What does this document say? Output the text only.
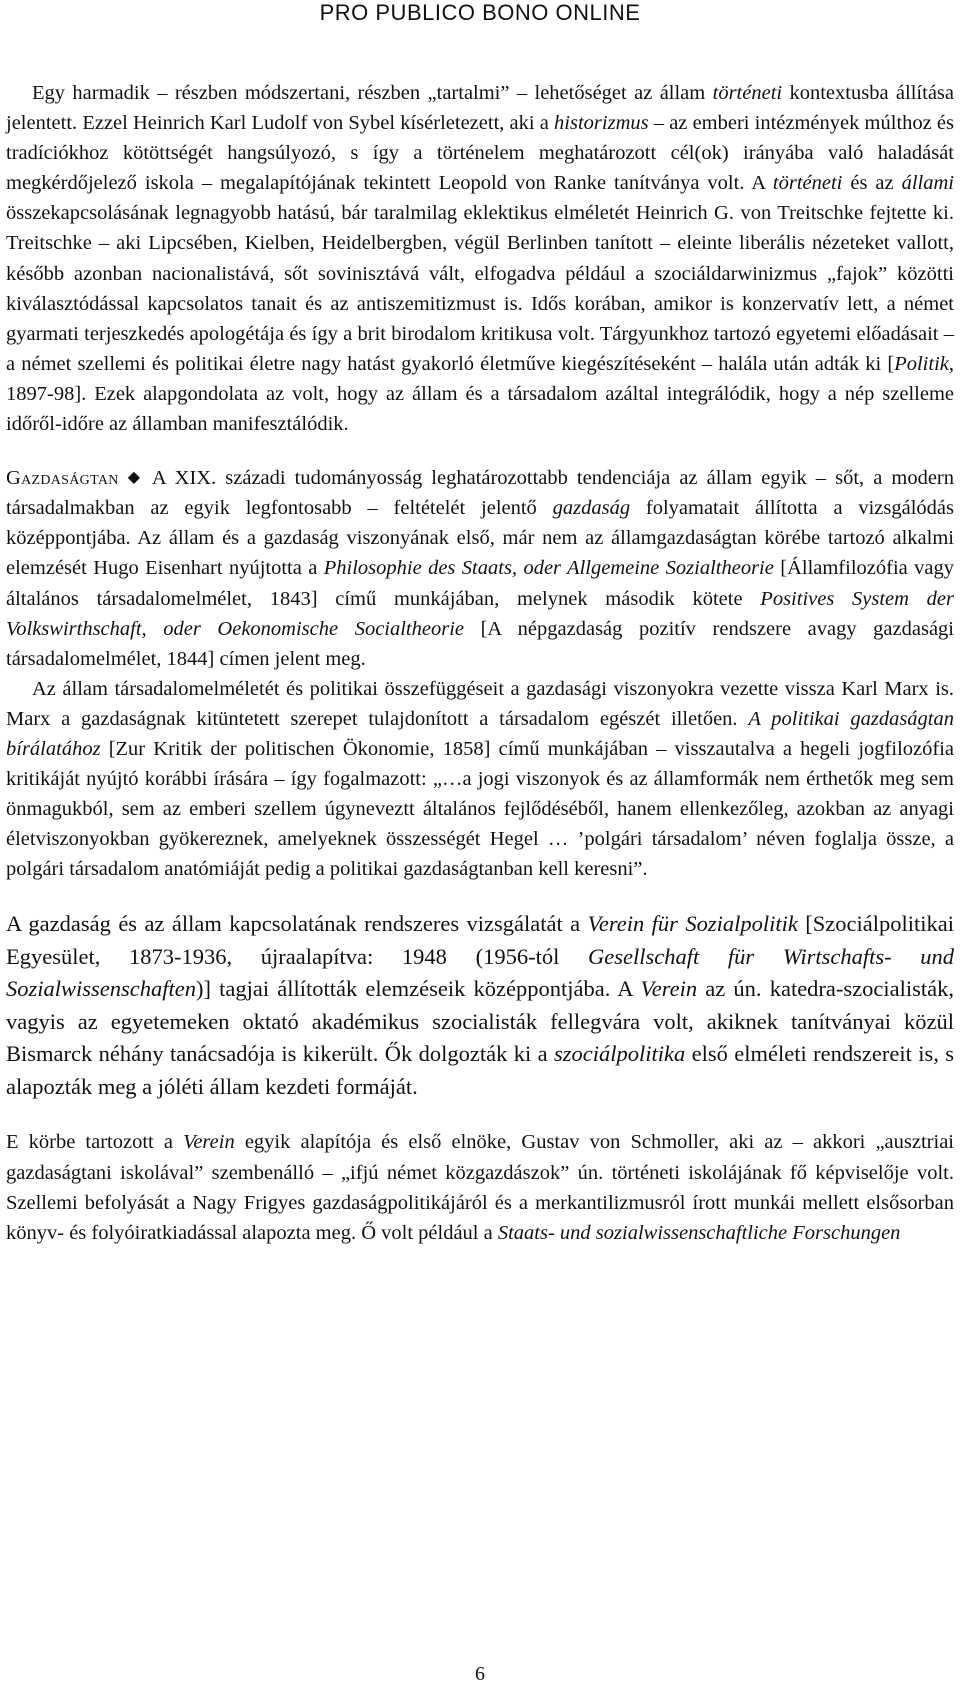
PRO PUBLICO BONO ONLINE

Egy harmadik – részben módszertani, részben „tartalmi” – lehetőséget az állam történeti kontextusba állítása jelentett. Ezzel Heinrich Karl Ludolf von Sybel kísérletezett, aki a historizmus – az emberi intézmények múlthoz és tradíciókhoz kötöttségét hangsúlyozó, s így a történelem meghatározott cél(ok) irányába való haladását megkérdőjelező iskola – megalapítójának tekintett Leopold von Ranke tanítványa volt. A történeti és az állami összekapcsolásának legnagyobb hatású, bár taralmilag eklektikus elméletét Heinrich G. von Treitschke fejtette ki. Treitschke – aki Lipcsében, Kielben, Heidelbergben, végül Berlinben tanított – eleinte liberális nézeteket vallott, később azonban nacionalistává, sőt sovinisztává vált, elfogadva például a szociáldarwinizmus „fajok” közötti kiválasztódással kapcsolatos tanait és az antiszemitizmust is. Idős korában, amikor is konzervatív lett, a német gyarmati terjeszkedés apologétája és így a brit birodalom kritikusa volt. Tárgyunkhoz tartozó egyetemi előadásait – a német szellemi és politikai életre nagy hatást gyakorló életműve kiegészítéseként – halála után adták ki [Politik, 1897-98]. Ezek alapgondolata az volt, hogy az állam és a társadalom azáltal integrálódik, hogy a nép szelleme időről-időre az államban manifesztálódik.

Gazdaságtan ◆ A XIX. századi tudományosság leghatározottabb tendenciája az állam egyik – sőt, a modern társadalmakban az egyik legfontosabb – feltételét jelentő gazdaság folyamatait állította a vizsgálódás középpontjába. Az állam és a gazdaság viszonyának első, már nem az államgazdaságtan körébe tartozó alkalmi elemzését Hugo Eisenhart nyújtotta a Philosophie des Staats, oder Allgemeine Sozialtheorie [Államfilozófia vagy általános társadalomelmélet, 1843] című munkájában, melynek második kötete Positives System der Volkswirthschaft, oder Oekonomische Socialtheorie [A népgazdaság pozitív rendszere avagy gazdasági társadalomelmélet, 1844] címen jelent meg.

Az állam társadalomelméletét és politikai összefüggéseit a gazdasági viszonyokra vezette vissza Karl Marx is. Marx a gazdaságnak kitüntetett szerepet tulajdonított a társadalom egészét illetően. A politikai gazdaságtan bírálatához [Zur Kritik der politischen Ökonomie, 1858] című munkájában – visszautalva a hegeli jogfilozófia kritikáját nyújtó korábbi írására – így fogalmazott: „…a jogi viszonyok és az államformák nem érthetők meg sem önmagukból, sem az emberi szellem úgyneveztt általános fejlődéséből, hanem ellenkezőleg, azokban az anyagi életviszonyokban gyökereznek, amelyeknek összességét Hegel … ’polgári társadalom’ néven foglalja össze, a polgári társadalom anatómiáját pedig a politikai gazdaságtanban kell keresni”.

A gazdaság és az állam kapcsolatának rendszeres vizsgálatát a Verein für Sozialpolitik [Szociálpolitikai Egyesület, 1873-1936, újraalapítva: 1948 (1956-tól Gesellschaft für Wirtschafts- und Sozialwissenschaften)] tagjai állították elemzéseik középpontjába. A Verein az ún. katedra-szocialisták, vagyis az egyetemeken oktató akadémikus szocialisták fellegvára volt, akiknek tanítványai közül Bismarck néhány tanácsadója is kikerült. Ők dolgozták ki a szociálpolitika első elméleti rendszereit is, s alapozták meg a jóléti állam kezdeti formáját.

E körbe tartozott a Verein egyik alapítója és első elnöke, Gustav von Schmoller, aki az – akkori „ausztriai gazdaságtani iskolával” szembenálló – „ifjú német közgazdászok” ún. történeti iskolájának fő képviselője volt. Szellemi befolyását a Nagy Frigyes gazdaságpolitikájáról és a merkantilizmusról írott munkái mellett elsősorban könyv- és folyóiratkiadással alapozta meg. Ő volt például a Staats- und sozialwissenschaftliche Forschungen

6
